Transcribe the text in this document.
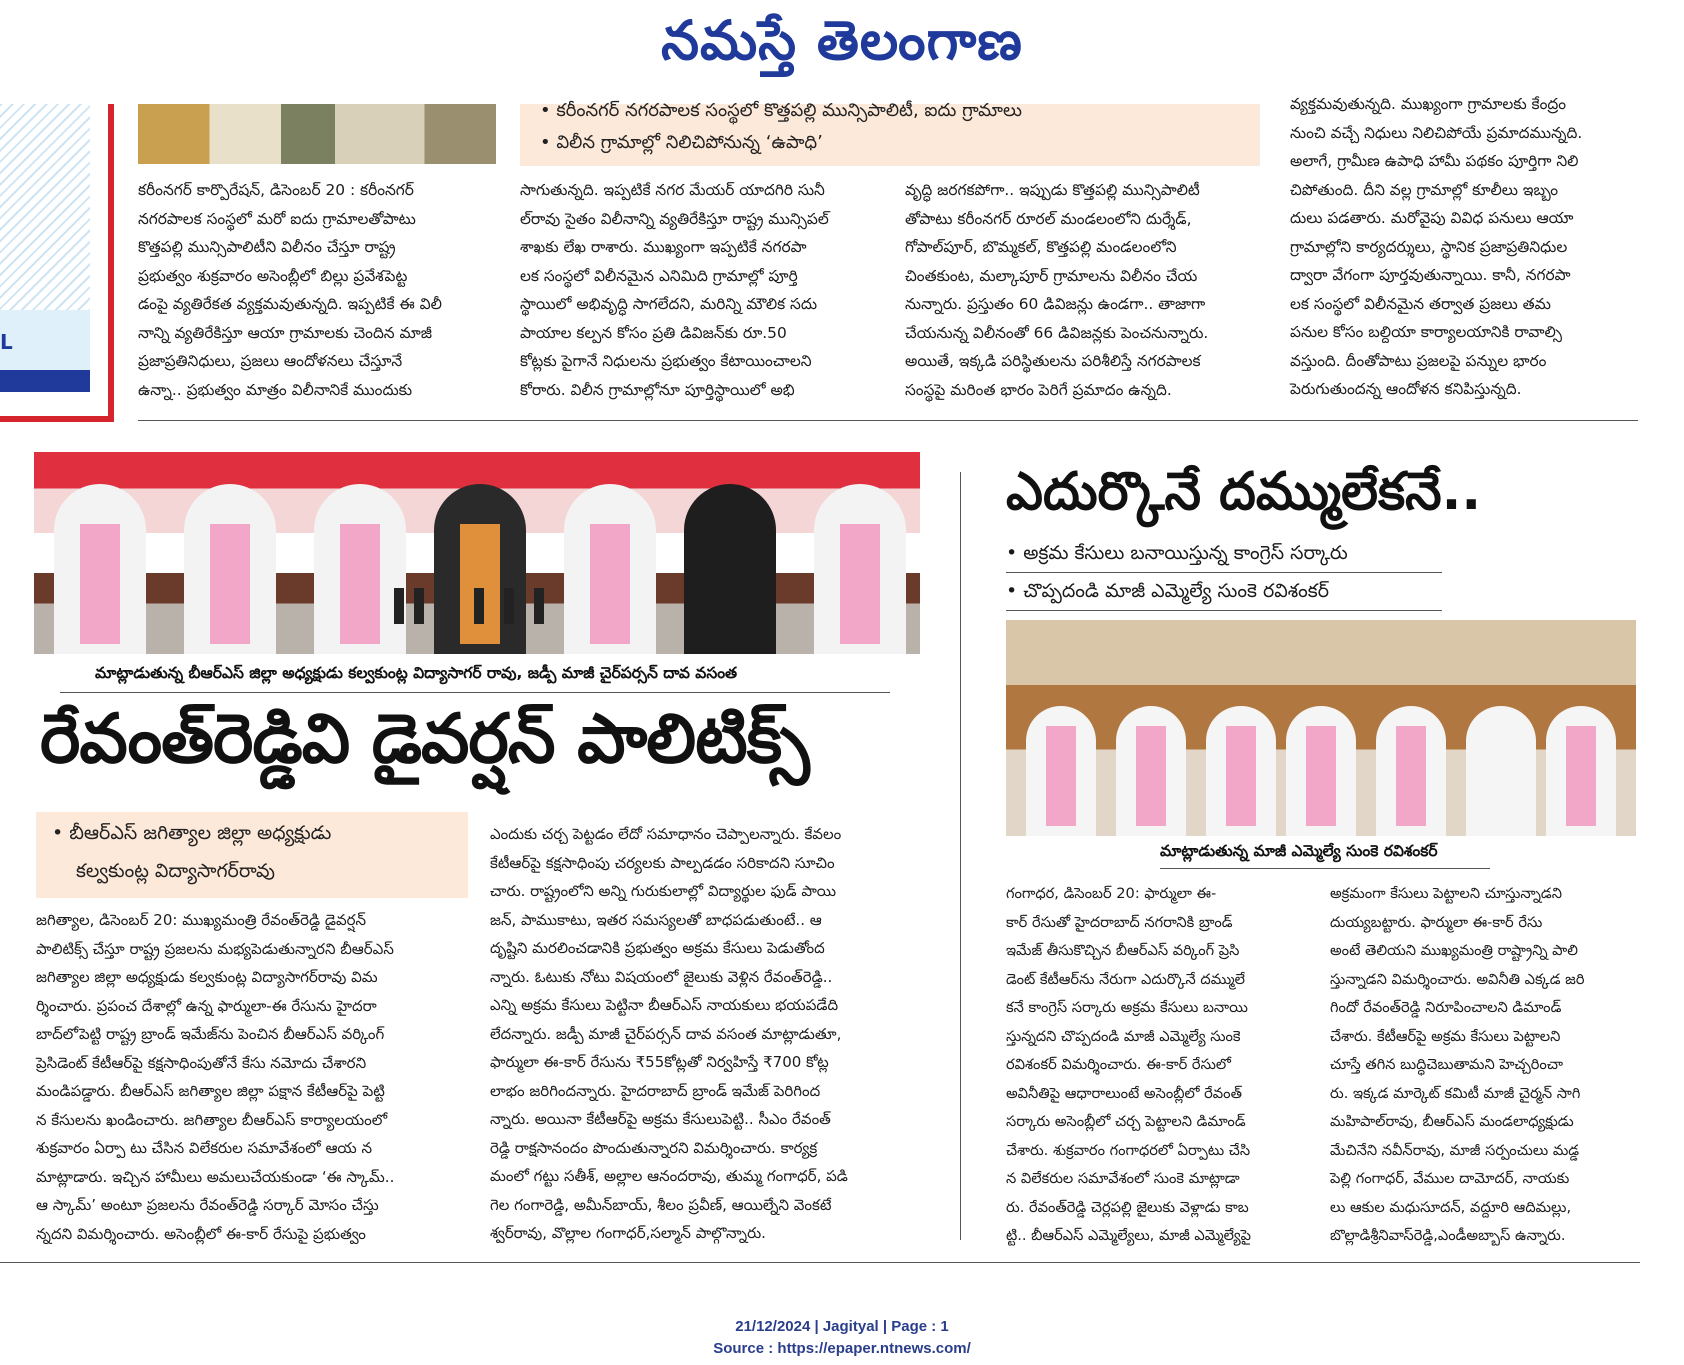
నమస్తే తెలంగాణ
L
• కరీంనగర్ నగరపాలక సంస్థలో కొత్తపల్లి మున్సిపాలిటీ, ఐదు గ్రామాలు
• విలీన గ్రామాల్లో నిలిచిపోనున్న ‘ఉపాధి’
కరీంనగర్ కార్పొరేషన్, డిసెంబర్ 20 : కరీంనగర్
నగరపాలక సంస్థలో మరో ఐదు గ్రామాలతోపాటు
కొత్తపల్లి మున్సిపాలిటీని విలీనం చేస్తూ రాష్ట్ర
ప్రభుత్వం శుక్రవారం అసెంబ్లీలో బిల్లు ప్రవేశపెట్ట
డంపై వ్యతిరేకత వ్యక్తమవుతున్నది. ఇప్పటికే ఈ విలీ
నాన్ని వ్యతిరేకిస్తూ ఆయా గ్రామాలకు చెందిన మాజీ
ప్రజాప్రతినిధులు, ప్రజలు ఆందోళనలు చేస్తూనే
ఉన్నా.. ప్రభుత్వం మాత్రం విలీనానికే ముందుకు
సాగుతున్నది. ఇప్పటికే నగర మేయర్ యాదగిరి సునీ
ల్‌రావు సైతం విలీనాన్ని వ్యతిరేకిస్తూ రాష్ట్ర మున్సిపల్
శాఖకు లేఖ రాశారు. ముఖ్యంగా ఇప్పటికే నగరపా
లక సంస్థలో విలీనమైన ఎనిమిది గ్రామాల్లో పూర్తి
స్థాయిలో అభివృద్ధి సాగలేదని, మరిన్ని మౌలిక సదు
పాయాల కల్పన కోసం ప్రతి డివిజన్‌కు రూ.50
కోట్లకు పైగానే నిధులను ప్రభుత్వం కేటాయించాలని
కోరారు. విలీన గ్రామాల్లోనూ పూర్తిస్థాయిలో అభి
వృద్ధి జరగకపోగా.. ఇప్పుడు కొత్తపల్లి మున్సిపాలిటీ
తోపాటు కరీంనగర్ రూరల్ మండలంలోని దుర్శేడ్,
గోపాల్‌పూర్, బొమ్మకల్, కొత్తపల్లి మండలంలోని
చింతకుంట, మల్కాపూర్ గ్రామాలను విలీనం చేయ
నున్నారు. ప్రస్తుతం 60 డివిజన్లు ఉండగా.. తాజాగా
చేయనున్న విలీనంతో 66 డివిజన్లకు పెంచనున్నారు.
అయితే, ఇక్కడి పరిస్థితులను పరిశీలిస్తే నగరపాలక
సంస్థపై మరింత భారం పెరిగే ప్రమాదం ఉన్నది.
వ్యక్తమవుతున్నది. ముఖ్యంగా గ్రామాలకు కేంద్రం
నుంచి వచ్చే నిధులు నిలిచిపోయే ప్రమాదమున్నది.
అలాగే, గ్రామీణ ఉపాధి హామీ పథకం పూర్తిగా నిలి
చిపోతుంది. దీని వల్ల గ్రామాల్లో కూలీలు ఇబ్బం
దులు పడతారు. మరోవైపు వివిధ పనులు ఆయా
గ్రామాల్లోని కార్యదర్శులు, స్థానిక ప్రజాప్రతినిధుల
ద్వారా వేగంగా పూర్తవుతున్నాయి. కానీ, నగరపా
లక సంస్థలో విలీనమైన తర్వాత ప్రజలు తమ
పనుల కోసం బల్దియా కార్యాలయానికి రావాల్సి
వస్తుంది. దీంతోపాటు ప్రజలపై పన్నుల భారం
పెరుగుతుందన్న ఆందోళన కనిపిస్తున్నది.
మాట్లాడుతున్న బీఆర్‌ఎస్ జిల్లా అధ్యక్షుడు కల్వకుంట్ల విద్యాసాగర్ రావు, జడ్పీ మాజీ చైర్‌పర్సన్ దావ వసంత
రేవంత్‌రెడ్డివి డైవర్షన్ పాలిటిక్స్
• బీఆర్‌ఎస్ జగిత్యాల జిల్లా అధ్యక్షుడు
కల్వకుంట్ల విద్యాసాగర్‌రావు
జగిత్యాల, డిసెంబర్ 20: ముఖ్యమంత్రి రేవంత్‌రెడ్డి డైవర్షన్
పాలిటిక్స్ చేస్తూ రాష్ట్ర ప్రజలను మభ్యపెడుతున్నారని బీఆర్‌ఎస్
జగిత్యాల జిల్లా అధ్యక్షుడు కల్వకుంట్ల విద్యాసాగర్‌రావు విమ
ర్శించారు. ప్రపంచ దేశాల్లో ఉన్న ఫార్ములా-ఈ రేసును హైదరా
బాద్‌లోపెట్టి రాష్ట్ర బ్రాండ్ ఇమేజ్‌ను పెంచిన బీఆర్‌ఎస్ వర్కింగ్
ప్రెసిడెంట్ కేటీఆర్‌పై కక్షసాధింపుతోనే కేసు నమోదు చేశారని
మండిపడ్డారు. బీఆర్‌ఎస్ జగిత్యాల జిల్లా పక్షాన కేటీఆర్‌పై పెట్టి
న కేసులను ఖండించారు. జగిత్యాల బీఆర్‌ఎస్ కార్యాలయంలో
శుక్రవారం ఏర్పా టు చేసిన విలేకరుల సమావేశంలో ఆయ న
మాట్లాడారు. ఇచ్చిన హామీలు అమలుచేయకుండా ‘ఈ స్కామ్..
ఆ స్కామ్’ అంటూ ప్రజలను రేవంత్‌రెడ్డి సర్కార్ మోసం చేస్తు
న్నదని విమర్శించారు. అసెంబ్లీలో ఈ-కార్ రేసుపై ప్రభుత్వం
ఎందుకు చర్చ పెట్టడం లేదో సమాధానం చెప్పాలన్నారు. కేవలం
కేటీఆర్‌పై కక్షసాధింపు చర్యలకు పాల్పడడం సరికాదని సూచిం
చారు. రాష్ట్రంలోని అన్ని గురుకులాల్లో విద్యార్థుల ఫుడ్ పాయి
జన్, పాముకాటు, ఇతర సమస్యలతో బాధపడుతుంటే.. ఆ
దృష్టిని మరలించడానికి ప్రభుత్వం అక్రమ కేసులు పెడుతోంద
న్నారు. ఓటుకు నోటు విషయంలో జైలుకు వెళ్లిన రేవంత్‌రెడ్డి..
ఎన్ని అక్రమ కేసులు పెట్టినా బీఆర్‌ఎస్ నాయకులు భయపడేది
లేదన్నారు. జడ్పీ మాజీ చైర్‌పర్సన్ దావ వసంత మాట్లాడుతూ,
ఫార్ములా ఈ-కార్ రేసును ₹55కోట్లతో నిర్వహిస్తే ₹700 కోట్ల
లాభం జరిగిందన్నారు. హైదరాబాద్ బ్రాండ్ ఇమేజ్ పెరిగింద
న్నారు. అయినా కేటీఆర్‌పై అక్రమ కేసులుపెట్టి.. సీఎం రేవంత్
రెడ్డి రాక్షసానందం పొందుతున్నారని విమర్శించారు. కార్యక్ర
మంలో గట్టు సతీశ్, అల్లాల ఆనందరావు, తుమ్మ గంగాధర్, పడి
గెల గంగారెడ్డి, అమీన్‌బాయ్, శీలం ప్రవీణ్, ఆయిల్నేని వెంకటే
శ్వర్‌రావు, వొల్లాల గంగాధర్,సల్మాన్ పాల్గొన్నారు.
ఎదుర్కొనే దమ్ములేకనే..
• అక్రమ కేసులు బనాయిస్తున్న కాంగ్రెస్ సర్కారు
• చొప్పదండి మాజీ ఎమ్మెల్యే సుంకె రవిశంకర్
మాట్లాడుతున్న మాజీ ఎమ్మెల్యే సుంకె రవిశంకర్
గంగాధర, డిసెంబర్ 20: ఫార్ములా ఈ-
కార్ రేసుతో హైదరాబాద్ నగరానికి బ్రాండ్
ఇమేజ్ తీసుకొచ్చిన బీఆర్‌ఎస్ వర్కింగ్ ప్రెసి
డెంట్ కేటీఆర్‌ను నేరుగా ఎదుర్కొనే దమ్ములే
కనే కాంగ్రెస్ సర్కారు అక్రమ కేసులు బనాయి
స్తున్నదని చొప్పదండి మాజీ ఎమ్మెల్యే సుంకె
రవిశంకర్ విమర్శించారు. ఈ-కార్ రేసులో
అవినీతిపై ఆధారాలుంటే అసెంబ్లీలో రేవంత్
సర్కారు అసెంబ్లీలో చర్చ పెట్టాలని డిమాండ్
చేశారు. శుక్రవారం గంగాధరలో ఏర్పాటు చేసి
న విలేకరుల సమావేశంలో సుంకె మాట్లాడా
రు. రేవంత్‌రెడ్డి చెర్లపల్లి జైలుకు వెళ్లాడు కాబ
ట్టి.. బీఆర్‌ఎస్ ఎమ్మెల్యేలు, మాజీ ఎమ్మెల్యేపై
అక్రమంగా కేసులు పెట్టాలని చూస్తున్నాడని
దుయ్యబట్టారు. ఫార్ములా ఈ-కార్ రేసు
అంటే తెలియని ముఖ్యమంత్రి రాష్ట్రాన్ని పాలి
స్తున్నాడని విమర్శించారు. అవినీతి ఎక్కడ జరి
గిందో రేవంత్‌రెడ్డి నిరూపించాలని డిమాండ్
చేశారు. కేటీఆర్‌పై అక్రమ కేసులు పెట్టాలని
చూస్తే తగిన బుద్ధిచెబుతామని హెచ్చరించా
రు. ఇక్కడ మార్కెట్ కమిటీ మాజీ చైర్మన్ సాగి
మహిపాల్‌రావు, బీఆర్‌ఎస్ మండలాధ్యక్షుడు
మేచినేని నవీన్‌రావు, మాజీ సర్పంచులు మడ్డ
పెల్లి గంగాధర్, వేముల దామోదర్, నాయకు
లు ఆకుల మధుసూదన్, వద్దూరి ఆదిమల్లు,
బొల్లాడిశ్రీనివాస్‌రెడ్డి,ఎండీఅబ్బాస్ ఉన్నారు.
21/12/2024 | Jagityal | Page : 1
Source : https://epaper.ntnews.com/
